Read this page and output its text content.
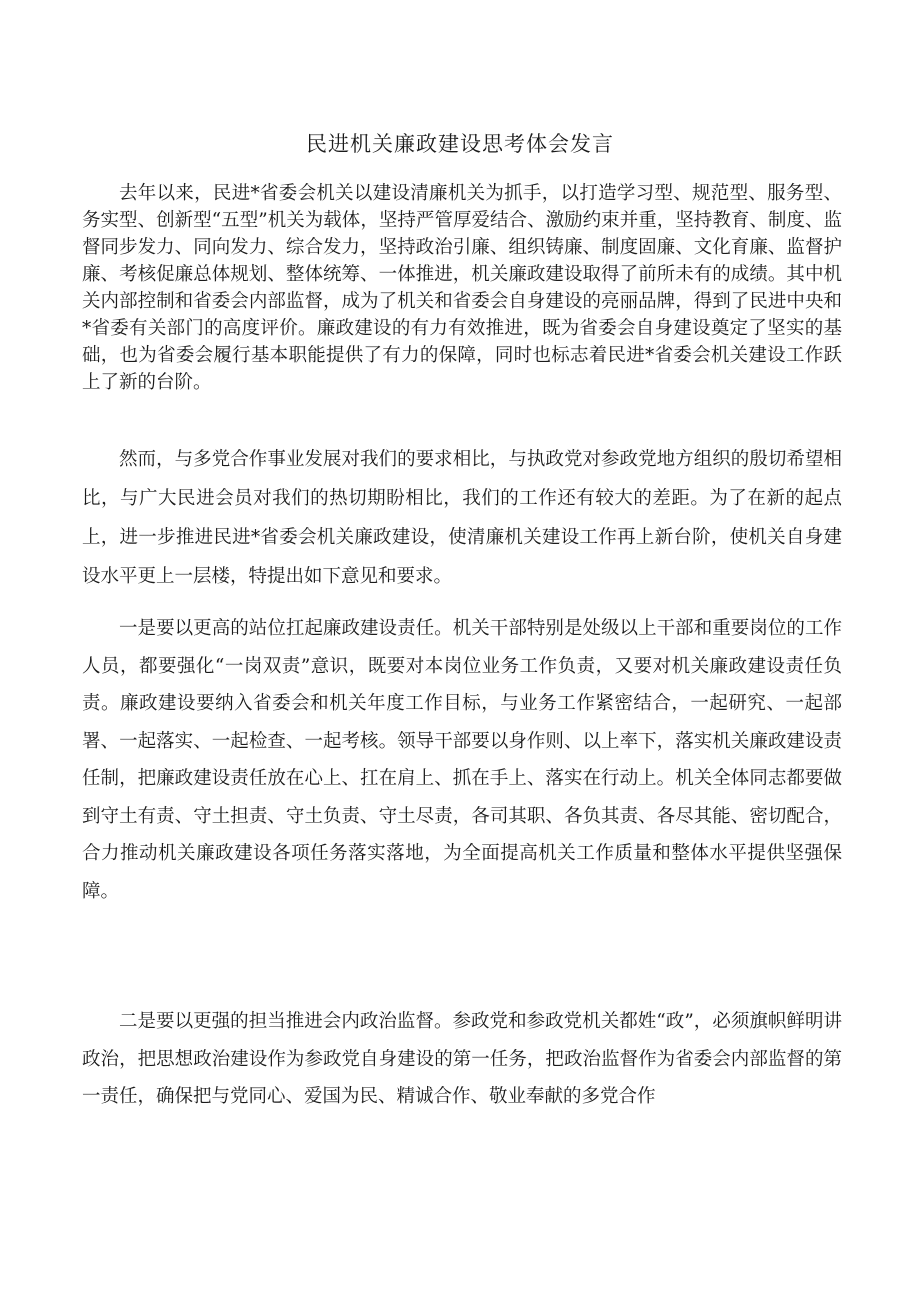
民进机关廉政建设思考体会发言

去年以来，民进*省委会机关以建设清廉机关为抓手，以打造学习型、规范型、服务型、务实型、创新型“五型”机关为载体，坚持严管厚爱结合、激励约束并重，坚持教育、制度、监督同步发力、同向发力、综合发力，坚持政治引廉、组织铸廉、制度固廉、文化育廉、监督护廉、考核促廉总体规划、整体统筹、一体推进，机关廉政建设取得了前所未有的成绩。其中机关内部控制和省委会内部监督，成为了机关和省委会自身建设的亮丽品牌，得到了民进中央和*省委有关部门的高度评价。廉政建设的有力有效推进，既为省委会自身建设奠定了坚实的基础，也为省委会履行基本职能提供了有力的保障，同时也标志着民进*省委会机关建设工作跃上了新的台阶。

然而，与多党合作事业发展对我们的要求相比，与执政党对参政党地方组织的殷切希望相比，与广大民进会员对我们的热切期盼相比，我们的工作还有较大的差距。为了在新的起点上，进一步推进民进*省委会机关廉政建设，使清廉机关建设工作再上新台阶，使机关自身建设水平更上一层楼，特提出如下意见和要求。

一是要以更高的站位扛起廉政建设责任。机关干部特别是处级以上干部和重要岗位的工作人员，都要强化“一岗双责”意识，既要对本岗位业务工作负责，又要对机关廉政建设责任负责。廉政建设要纳入省委会和机关年度工作目标，与业务工作紧密结合，一起研究、一起部署、一起落实、一起检查、一起考核。领导干部要以身作则、以上率下，落实机关廉政建设责任制，把廉政建设责任放在心上、扛在肩上、抓在手上、落实在行动上。机关全体同志都要做到守土有责、守土担责、守土负责、守土尽责，各司其职、各负其责、各尽其能、密切配合，合力推动机关廉政建设各项任务落实落地，为全面提高机关工作质量和整体水平提供坚强保障。

二是要以更强的担当推进会内政治监督。参政党和参政党机关都姓“政”，必须旗帜鲜明讲政治，把思想政治建设作为参政党自身建设的第一任务，把政治监督作为省委会内部监督的第一责任，确保把与党同心、爱国为民、精诚合作、敬业奉献的多党合作
